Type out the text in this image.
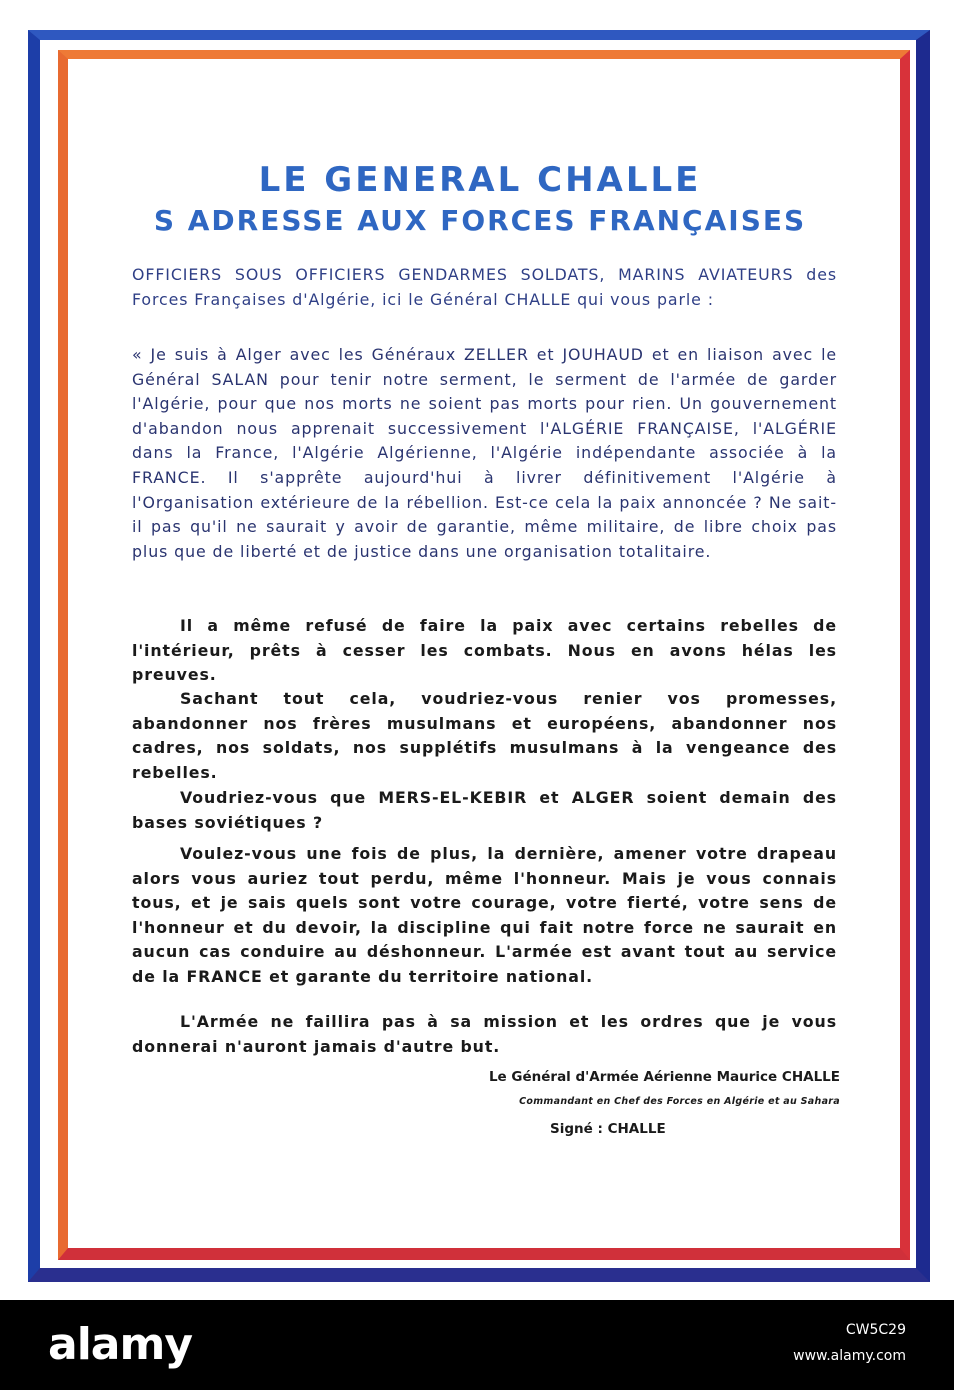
LE GENERAL CHALLE
S ADRESSE AUX FORCES FRANÇAISES

OFFICIERS SOUS OFFICIERS GENDARMES SOLDATS, MARINS AVIATEURS des Forces Françaises d'Algérie, ici le Général CHALLE qui vous parle :

« Je suis à Alger avec les Généraux ZELLER et JOUHAUD et en liaison avec le Général SALAN pour tenir notre serment, le serment de l'armée de garder l'Algérie, pour que nos morts ne soient pas morts pour rien. Un gouvernement d'abandon nous apprenait successivement l'ALGÉRIE FRANÇAISE, l'ALGÉRIE dans la France, l'Algérie Algérienne, l'Algérie indépendante associée à la FRANCE. Il s'apprête aujourd'hui à livrer définitivement l'Algérie à l'Organisation extérieure de la rébellion. Est-ce cela la paix annoncée ? Ne sait-il pas qu'il ne saurait y avoir de garantie, même militaire, de libre choix pas plus que de liberté et de justice dans une organisation totalitaire.

Il a même refusé de faire la paix avec certains rebelles de l'intérieur, prêts à cesser les combats. Nous en avons hélas les preuves.

Sachant tout cela, voudriez-vous renier vos promesses, abandonner nos frères musulmans et européens, abandonner nos cadres, nos soldats, nos supplétifs musulmans à la vengeance des rebelles.

Voudriez-vous que MERS-EL-KEBIR et ALGER soient demain des bases soviétiques ?

Voulez-vous une fois de plus, la dernière, amener votre drapeau alors vous auriez tout perdu, même l'honneur. Mais je vous connais tous, et je sais quels sont votre courage, votre fierté, votre sens de l'honneur et du devoir, la discipline qui fait notre force ne saurait en aucun cas conduire au déshonneur. L'armée est avant tout au service de la FRANCE et garante du territoire national.

L'Armée ne faillira pas à sa mission et les ordres que je vous donnerai n'auront jamais d'autre but.

Le Général d'Armée Aérienne Maurice CHALLE
Commandant en Chef des Forces en Algérie et au Sahara
Signé : CHALLE
alamy	CW5C29
www.alamy.com
